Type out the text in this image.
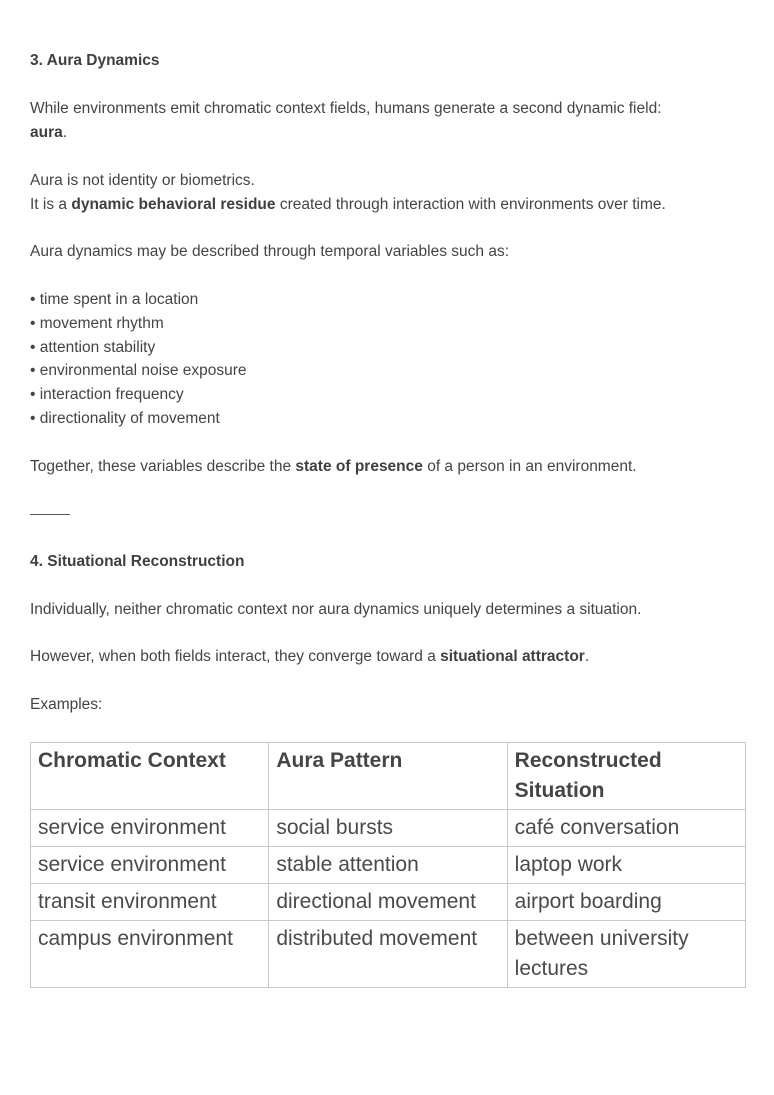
3. Aura Dynamics
While environments emit chromatic context fields, humans generate a second dynamic field:
aura.
Aura is not identity or biometrics.
It is a dynamic behavioral residue created through interaction with environments over time.
Aura dynamics may be described through temporal variables such as:
• time spent in a location
• movement rhythm
• attention stability
• environmental noise exposure
• interaction frequency
• directionality of movement
Together, these variables describe the state of presence of a person in an environment.
4. Situational Reconstruction
Individually, neither chromatic context nor aura dynamics uniquely determines a situation.
However, when both fields interact, they converge toward a situational attractor.
Examples:
Chromatic Context	Aura Pattern	Reconstructed Situation
service environment	social bursts	café conversation
service environment	stable attention	laptop work
transit environment	directional movement	airport boarding
campus environment	distributed movement	between university lectures
